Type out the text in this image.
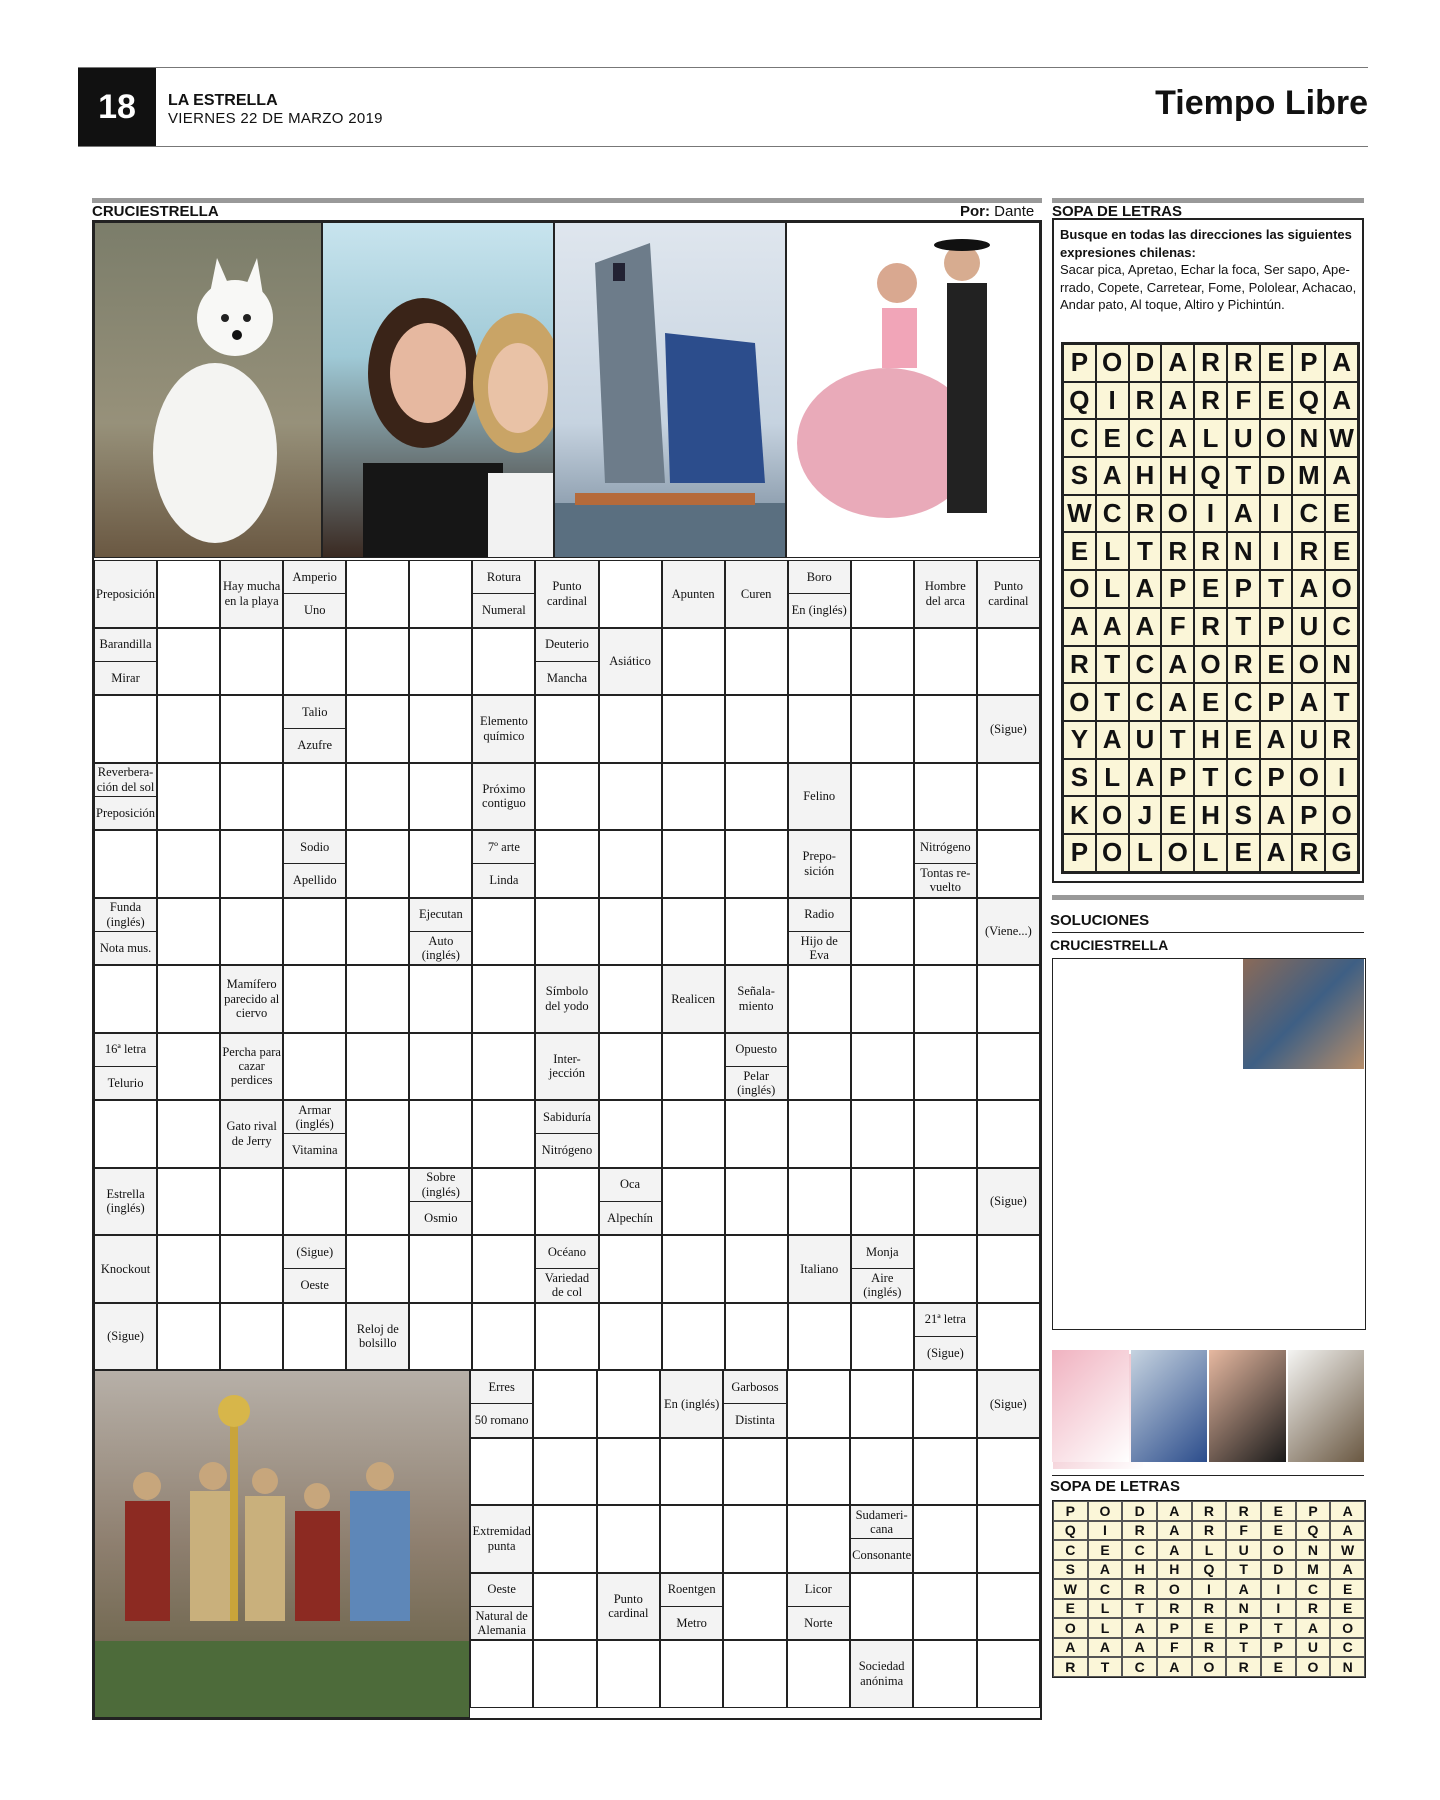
18	LA ESTRELLA
VIERNES 22 DE MARZO 2019	Tiempo Libre
CRUCIESTRELLA	Por: Dante
Preposición
Hay mucha en la playa
Amperio
Uno
Rotura
Numeral
Punto cardinal
Apunten	Curen
Boro
En (inglés)
Hombre del arca
Punto cardinal
Barandilla
Mirar
Deuterio
Mancha
Asiático
Talio
Azufre
Elemento químico
(Sigue)
Reverbera-ción del sol
Preposición
Próximo contiguo
Felino
Sodio
Apellido
7º arte
Linda
Prepo-sición
Nitrógeno
Tontas re-vuelto
Funda (inglés)
Nota mus.
Ejecutan
Auto (inglés)
Radio
Hijo de Eva
(Viene...)
Mamífero parecido al ciervo
Símbolo del yodo
Realicen
Señala-miento
16ª letra
Telurio
Percha para cazar perdices
Inter-jección
Opuesto
Pelar (inglés)
Gato rival de Jerry
Armar (inglés)
Vitamina
Sabiduría
Nitrógeno
Estrella (inglés)
Sobre (inglés)
Osmio
Oca
Alpechín
(Sigue)
Knockout
(Sigue)
Oeste
Océano
Variedad de col
Italiano
Monja
Aire (inglés)
(Sigue)
Reloj de bolsillo
21ª letra
(Sigue)
Erres
50 romano
En (inglés)
Garbosos
Distinta
(Sigue)
Extremidad punta
Sudameri-cana
Consonante
Oeste
Natural de Alemania
Punto cardinal
Roentgen
Metro
Licor
Norte
Sociedad anónima
SOPA DE LETRAS
Busque en todas las direcciones las siguientes expresiones chilenas:
Sacar pica, Apretao, Echar la foca, Ser sapo, Ape-rrado, Copete, Carretear, Fome, Pololear, Achacao, Andar pato, Al toque, Altiro y Pichintún.
P O D A R R E P A
Q I R A R F E Q A
C E C A L U O N W
S A H H Q T D M A
W C R O I A I C E
E L T R R N I R E
O L A P E P T A O
A A A F R T P U C
R T C A O R E O N
O T C A E C P A T
Y A U T H E A U R
S L A P T C P O I
K O J E H S A P O
P O L O L E A R G
SOLUCIONES
CRUCIESTRELLA
SOPA DE LETRAS
P	O	D	A	R	R	E	P	A
Q	I	R	A	R	F	E	Q	A
C	E	C	A	L	U	O	N	W
S	A	H	H	Q	T	D	M	A
W	C	R	O	I	A	I	C	E
E	L	T	R	R	N	I	R	E
O	L	A	P	E	P	T	A	O
A	A	A	F	R	T	P	U	C
R	T	C	A	O	R	E	O	N
